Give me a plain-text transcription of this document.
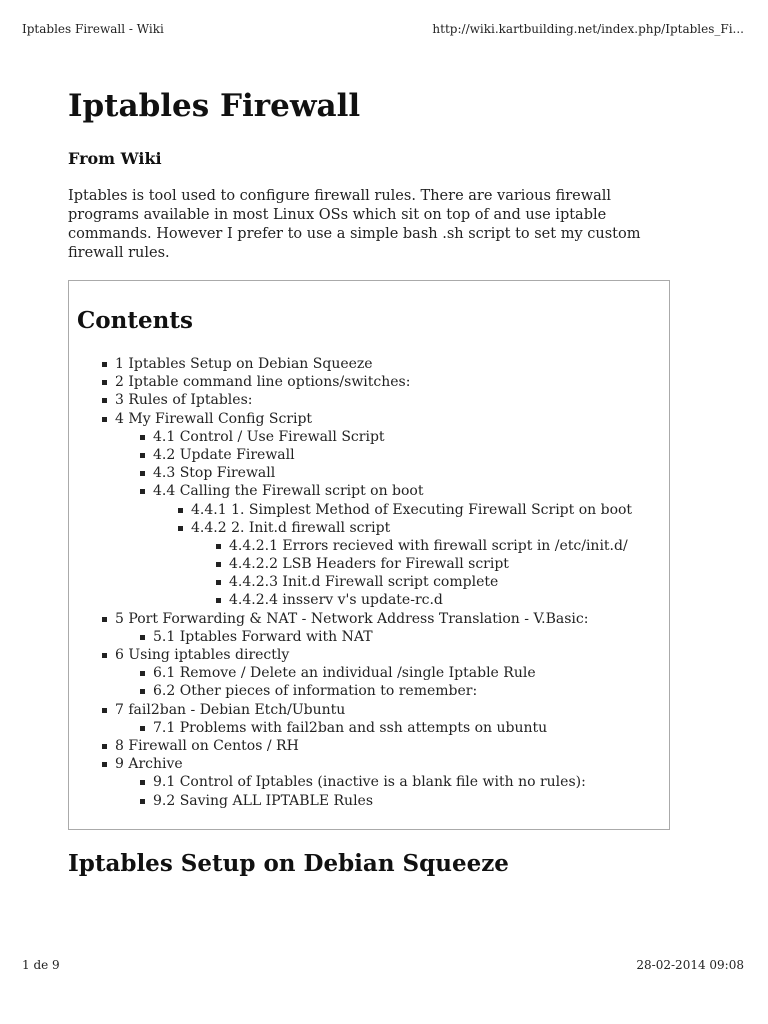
Iptables Firewall - Wiki	http://wiki.kartbuilding.net/index.php/Iptables_Fi...
Iptables Firewall
From Wiki

Iptables is tool used to configure firewall rules. There are various firewall programs available in most Linux OSs which sit on top of and use iptable commands. However I prefer to use a simple bash .sh script to set my custom firewall rules.

Contents
1 Iptables Setup on Debian Squeeze
2 Iptable command line options/switches:
3 Rules of Iptables:
4 My Firewall Config Script
4.1 Control / Use Firewall Script
4.2 Update Firewall
4.3 Stop Firewall
4.4 Calling the Firewall script on boot
4.4.1 1. Simplest Method of Executing Firewall Script on boot
4.4.2 2. Init.d firewall script
4.4.2.1 Errors recieved with firewall script in /etc/init.d/
4.4.2.2 LSB Headers for Firewall script
4.4.2.3 Init.d Firewall script complete
4.4.2.4 insserv v's update-rc.d
5 Port Forwarding & NAT - Network Address Translation - V.Basic:
5.1 Iptables Forward with NAT
6 Using iptables directly
6.1 Remove / Delete an individual /single Iptable Rule
6.2 Other pieces of information to remember:
7 fail2ban - Debian Etch/Ubuntu
7.1 Problems with fail2ban and ssh attempts on ubuntu
8 Firewall on Centos / RH
9 Archive
9.1 Control of Iptables (inactive is a blank file with no rules):
9.2 Saving ALL IPTABLE Rules
Iptables Setup on Debian Squeeze
1 de 9	28-02-2014 09:08
